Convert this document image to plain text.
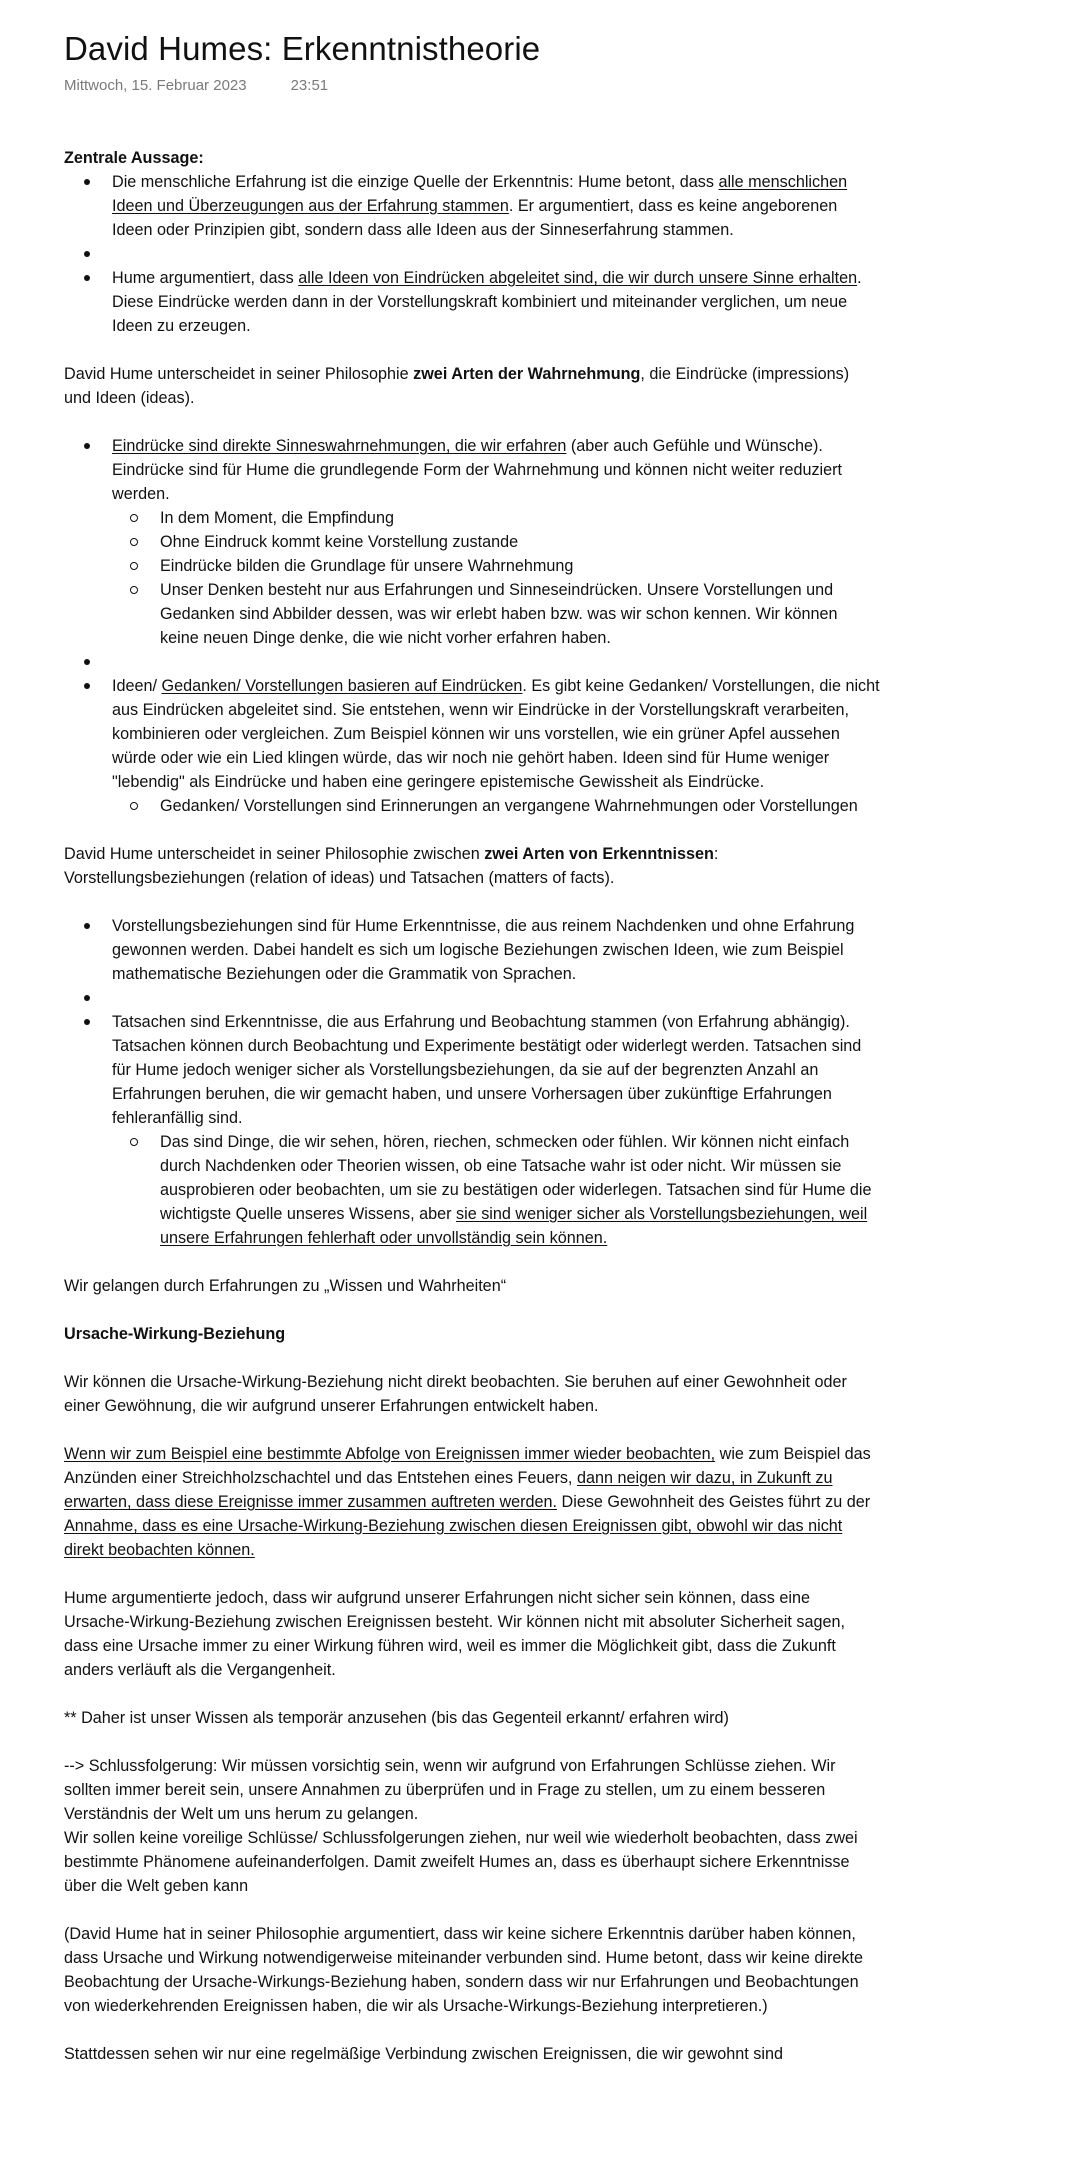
David Humes: Erkenntnistheorie
Mittwoch, 15. Februar 2023	23:51

Zentrale Aussage:

Die menschliche Erfahrung ist die einzige Quelle der Erkenntnis: Hume betont, dass alle menschlichen Ideen und Überzeugungen aus der Erfahrung stammen. Er argumentiert, dass es keine angeborenen Ideen oder Prinzipien gibt, sondern dass alle Ideen aus der Sinneserfahrung stammen.
Hume argumentiert, dass alle Ideen von Eindrücken abgeleitet sind, die wir durch unsere Sinne erhalten. Diese Eindrücke werden dann in der Vorstellungskraft kombiniert und miteinander verglichen, um neue Ideen zu erzeugen.

David Hume unterscheidet in seiner Philosophie zwei Arten der Wahrnehmung, die Eindrücke (impressions) und Ideen (ideas).

Eindrücke sind direkte Sinneswahrnehmungen, die wir erfahren (aber auch Gefühle und Wünsche). Eindrücke sind für Hume die grundlegende Form der Wahrnehmung und können nicht weiter reduziert werden.
In dem Moment, die Empfindung
Ohne Eindruck kommt keine Vorstellung zustande
Eindrücke bilden die Grundlage für unsere Wahrnehmung
Unser Denken besteht nur aus Erfahrungen und Sinneseindrücken. Unsere Vorstellungen und Gedanken sind Abbilder dessen, was wir erlebt haben bzw. was wir schon kennen. Wir können keine neuen Dinge denke, die wie nicht vorher erfahren haben.
Ideen/ Gedanken/ Vorstellungen basieren auf Eindrücken. Es gibt keine Gedanken/ Vorstellungen, die nicht aus Eindrücken abgeleitet sind. Sie entstehen, wenn wir Eindrücke in der Vorstellungskraft verarbeiten, kombinieren oder vergleichen. Zum Beispiel können wir uns vorstellen, wie ein grüner Apfel aussehen würde oder wie ein Lied klingen würde, das wir noch nie gehört haben. Ideen sind für Hume weniger "lebendig" als Eindrücke und haben eine geringere epistemische Gewissheit als Eindrücke.
Gedanken/ Vorstellungen sind Erinnerungen an vergangene Wahrnehmungen oder Vorstellungen

David Hume unterscheidet in seiner Philosophie zwischen zwei Arten von Erkenntnissen: Vorstellungsbeziehungen (relation of ideas) und Tatsachen (matters of facts).

Vorstellungsbeziehungen sind für Hume Erkenntnisse, die aus reinem Nachdenken und ohne Erfahrung gewonnen werden. Dabei handelt es sich um logische Beziehungen zwischen Ideen, wie zum Beispiel mathematische Beziehungen oder die Grammatik von Sprachen.
Tatsachen sind Erkenntnisse, die aus Erfahrung und Beobachtung stammen (von Erfahrung abhängig). Tatsachen können durch Beobachtung und Experimente bestätigt oder widerlegt werden. Tatsachen sind für Hume jedoch weniger sicher als Vorstellungsbeziehungen, da sie auf der begrenzten Anzahl an Erfahrungen beruhen, die wir gemacht haben, und unsere Vorhersagen über zukünftige Erfahrungen fehleranfällig sind.
Das sind Dinge, die wir sehen, hören, riechen, schmecken oder fühlen. Wir können nicht einfach durch Nachdenken oder Theorien wissen, ob eine Tatsache wahr ist oder nicht. Wir müssen sie ausprobieren oder beobachten, um sie zu bestätigen oder widerlegen. Tatsachen sind für Hume die wichtigste Quelle unseres Wissens, aber sie sind weniger sicher als Vorstellungsbeziehungen, weil unsere Erfahrungen fehlerhaft oder unvollständig sein können.

Wir gelangen durch Erfahrungen zu „Wissen und Wahrheiten“

Ursache-Wirkung-Beziehung

Wir können die Ursache-Wirkung-Beziehung nicht direkt beobachten. Sie beruhen auf einer Gewohnheit oder einer Gewöhnung, die wir aufgrund unserer Erfahrungen entwickelt haben.

Wenn wir zum Beispiel eine bestimmte Abfolge von Ereignissen immer wieder beobachten, wie zum Beispiel das Anzünden einer Streichholzschachtel und das Entstehen eines Feuers, dann neigen wir dazu, in Zukunft zu erwarten, dass diese Ereignisse immer zusammen auftreten werden. Diese Gewohnheit des Geistes führt zu der Annahme, dass es eine Ursache-Wirkung-Beziehung zwischen diesen Ereignissen gibt, obwohl wir das nicht direkt beobachten können.

Hume argumentierte jedoch, dass wir aufgrund unserer Erfahrungen nicht sicher sein können, dass eine Ursache-Wirkung-Beziehung zwischen Ereignissen besteht. Wir können nicht mit absoluter Sicherheit sagen, dass eine Ursache immer zu einer Wirkung führen wird, weil es immer die Möglichkeit gibt, dass die Zukunft anders verläuft als die Vergangenheit.

** Daher ist unser Wissen als temporär anzusehen (bis das Gegenteil erkannt/ erfahren wird)

--> Schlussfolgerung: Wir müssen vorsichtig sein, wenn wir aufgrund von Erfahrungen Schlüsse ziehen. Wir sollten immer bereit sein, unsere Annahmen zu überprüfen und in Frage zu stellen, um zu einem besseren Verständnis der Welt um uns herum zu gelangen.

Wir sollen keine voreilige Schlüsse/ Schlussfolgerungen ziehen, nur weil wie wiederholt beobachten, dass zwei bestimmte Phänomene aufeinanderfolgen. Damit zweifelt Humes an, dass es überhaupt sichere Erkenntnisse über die Welt geben kann

(David Hume hat in seiner Philosophie argumentiert, dass wir keine sichere Erkenntnis darüber haben können, dass Ursache und Wirkung notwendigerweise miteinander verbunden sind. Hume betont, dass wir keine direkte Beobachtung der Ursache-Wirkungs-Beziehung haben, sondern dass wir nur Erfahrungen und Beobachtungen von wiederkehrenden Ereignissen haben, die wir als Ursache-Wirkungs-Beziehung interpretieren.)

Stattdessen sehen wir nur eine regelmäßige Verbindung zwischen Ereignissen, die wir gewohnt sind
